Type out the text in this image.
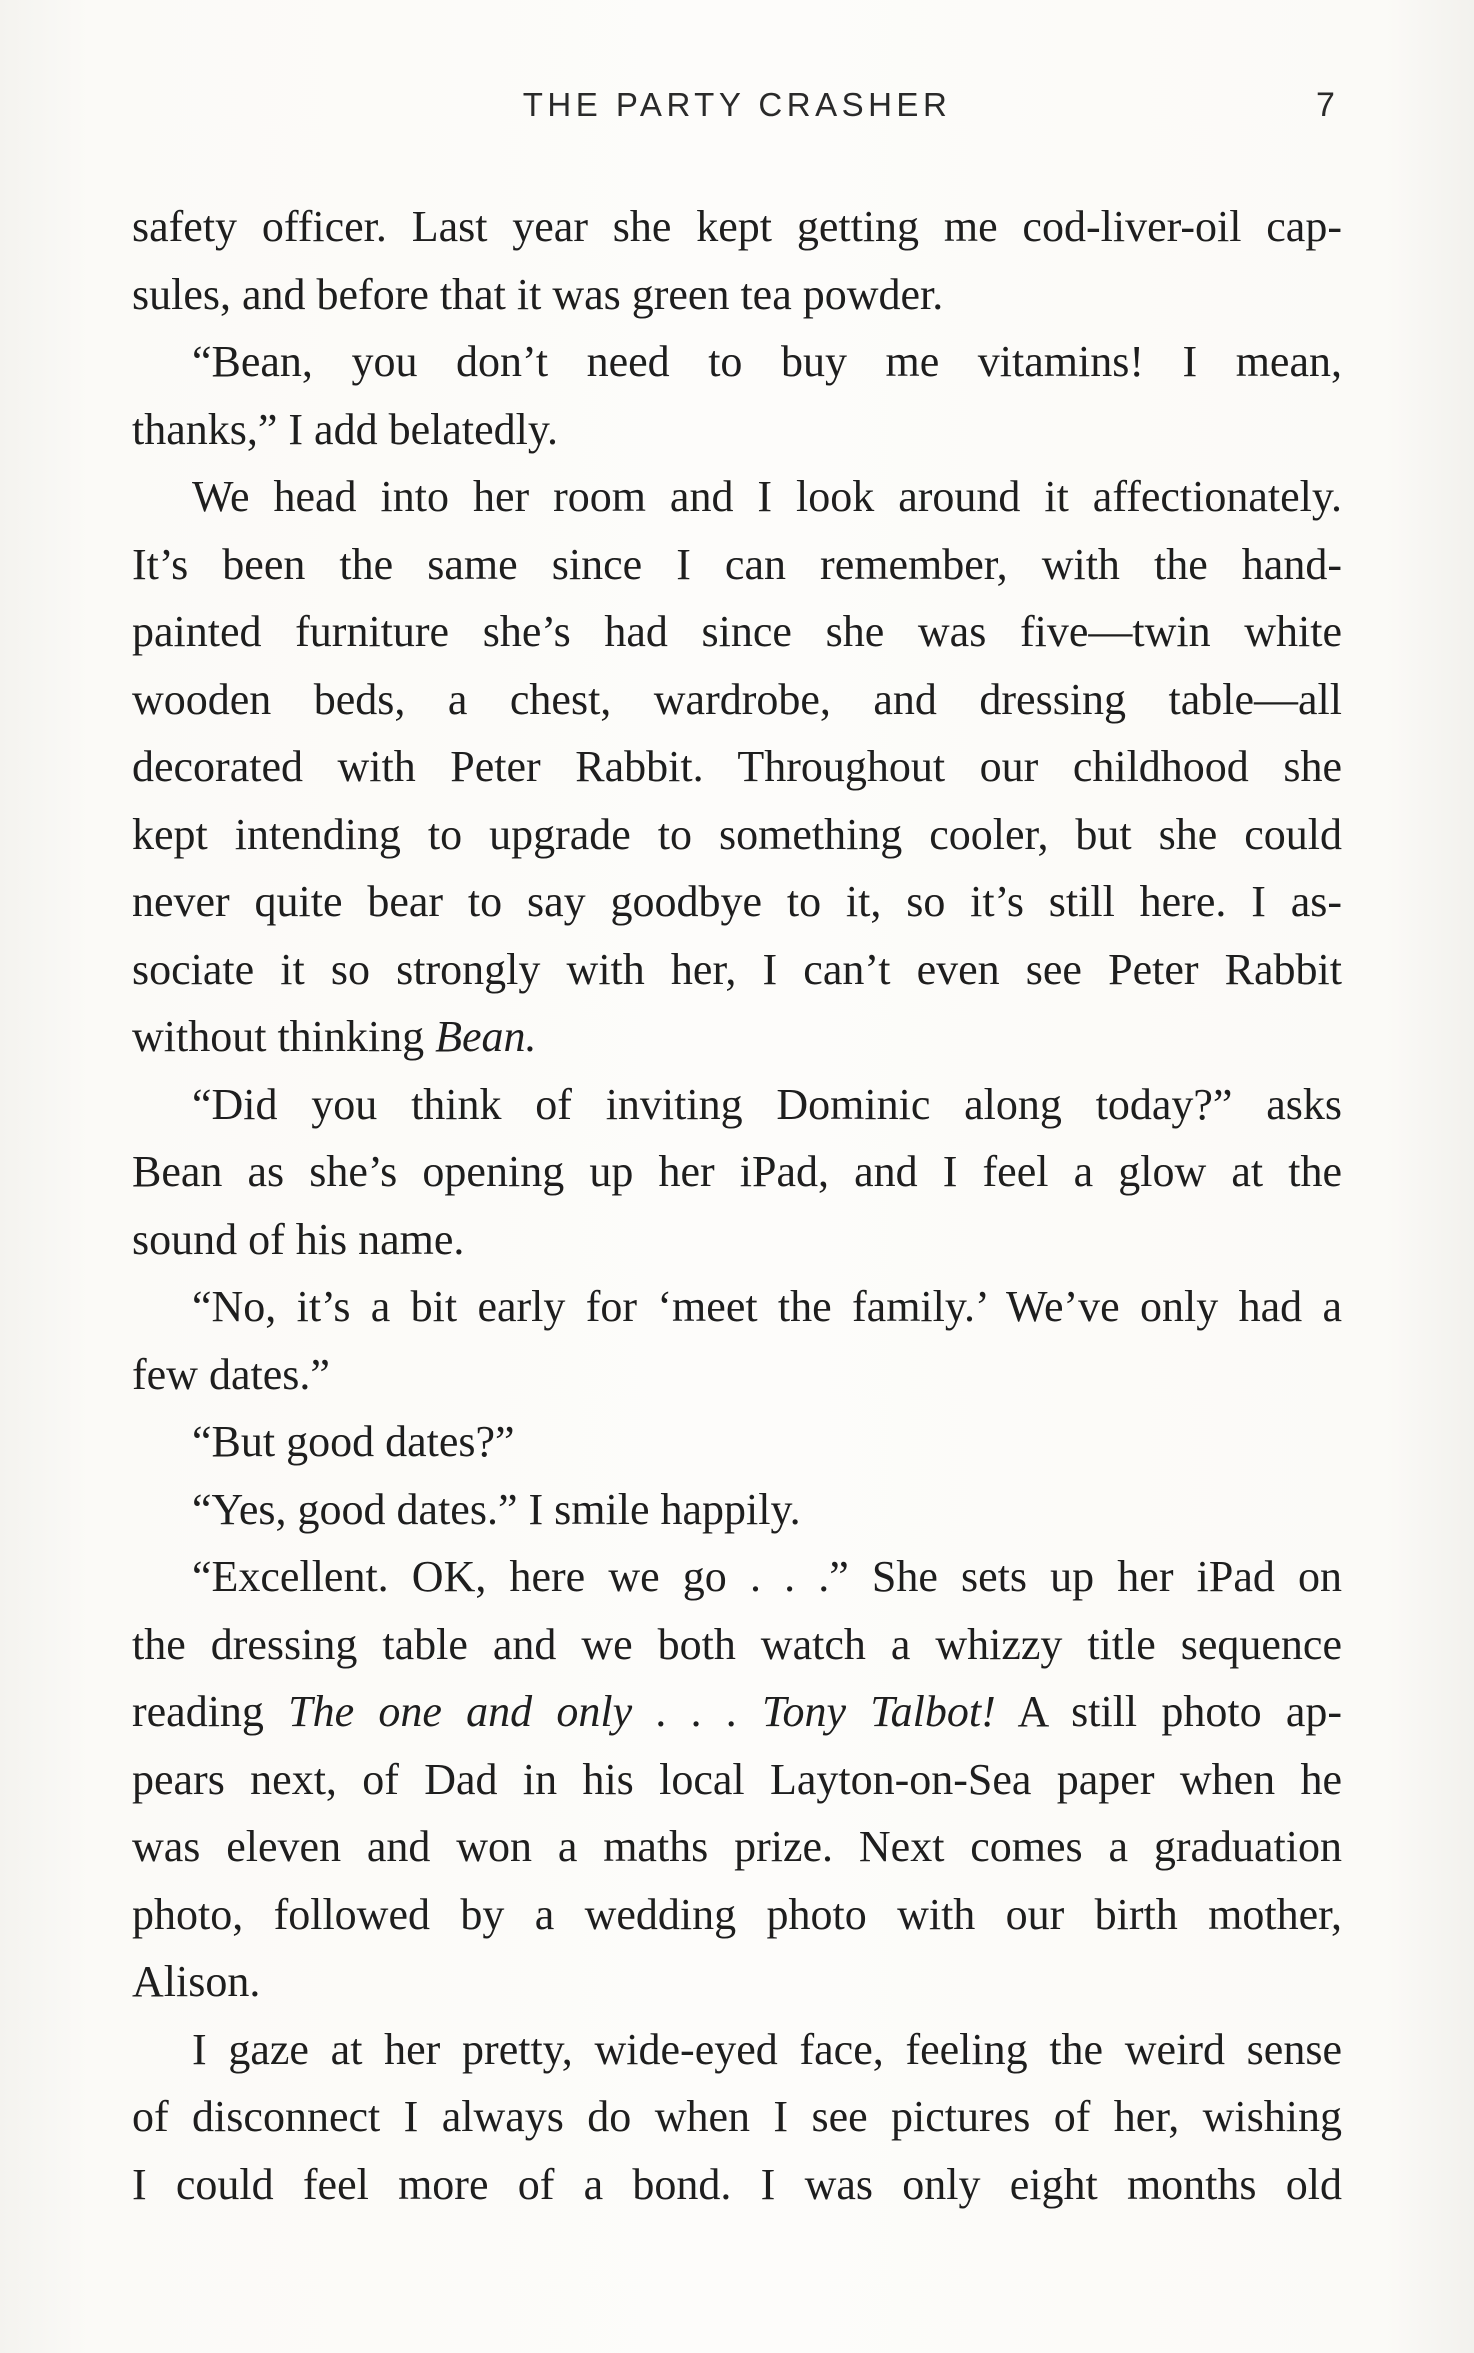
THE PARTY CRASHER	7
safety officer. Last year she kept getting me cod-liver-oil cap-
sules, and before that it was green tea powder.
“Bean, you don’t need to buy me vitamins! I mean,
thanks,” I add belatedly.
We head into her room and I look around it affectionately.
It’s been the same since I can remember, with the hand-
painted furniture she’s had since she was five—twin white
wooden beds, a chest, wardrobe, and dressing table—all
decorated with Peter Rabbit. Throughout our childhood she
kept intending to upgrade to something cooler, but she could
never quite bear to say goodbye to it, so it’s still here. I as-
sociate it so strongly with her, I can’t even see Peter Rabbit
without thinking Bean.
“Did you think of inviting Dominic along today?” asks
Bean as she’s opening up her iPad, and I feel a glow at the
sound of his name.
“No, it’s a bit early for ‘meet the family.’ We’ve only had a
few dates.”
“But good dates?”
“Yes, good dates.” I smile happily.
“Excellent. OK, here we go . . .” She sets up her iPad on
the dressing table and we both watch a whizzy title sequence
reading The one and only . . . Tony Talbot! A still photo ap-
pears next, of Dad in his local Layton-on-Sea paper when he
was eleven and won a maths prize. Next comes a graduation
photo, followed by a wedding photo with our birth mother,
Alison.
I gaze at her pretty, wide-eyed face, feeling the weird sense
of disconnect I always do when I see pictures of her, wishing
I could feel more of a bond. I was only eight months old
